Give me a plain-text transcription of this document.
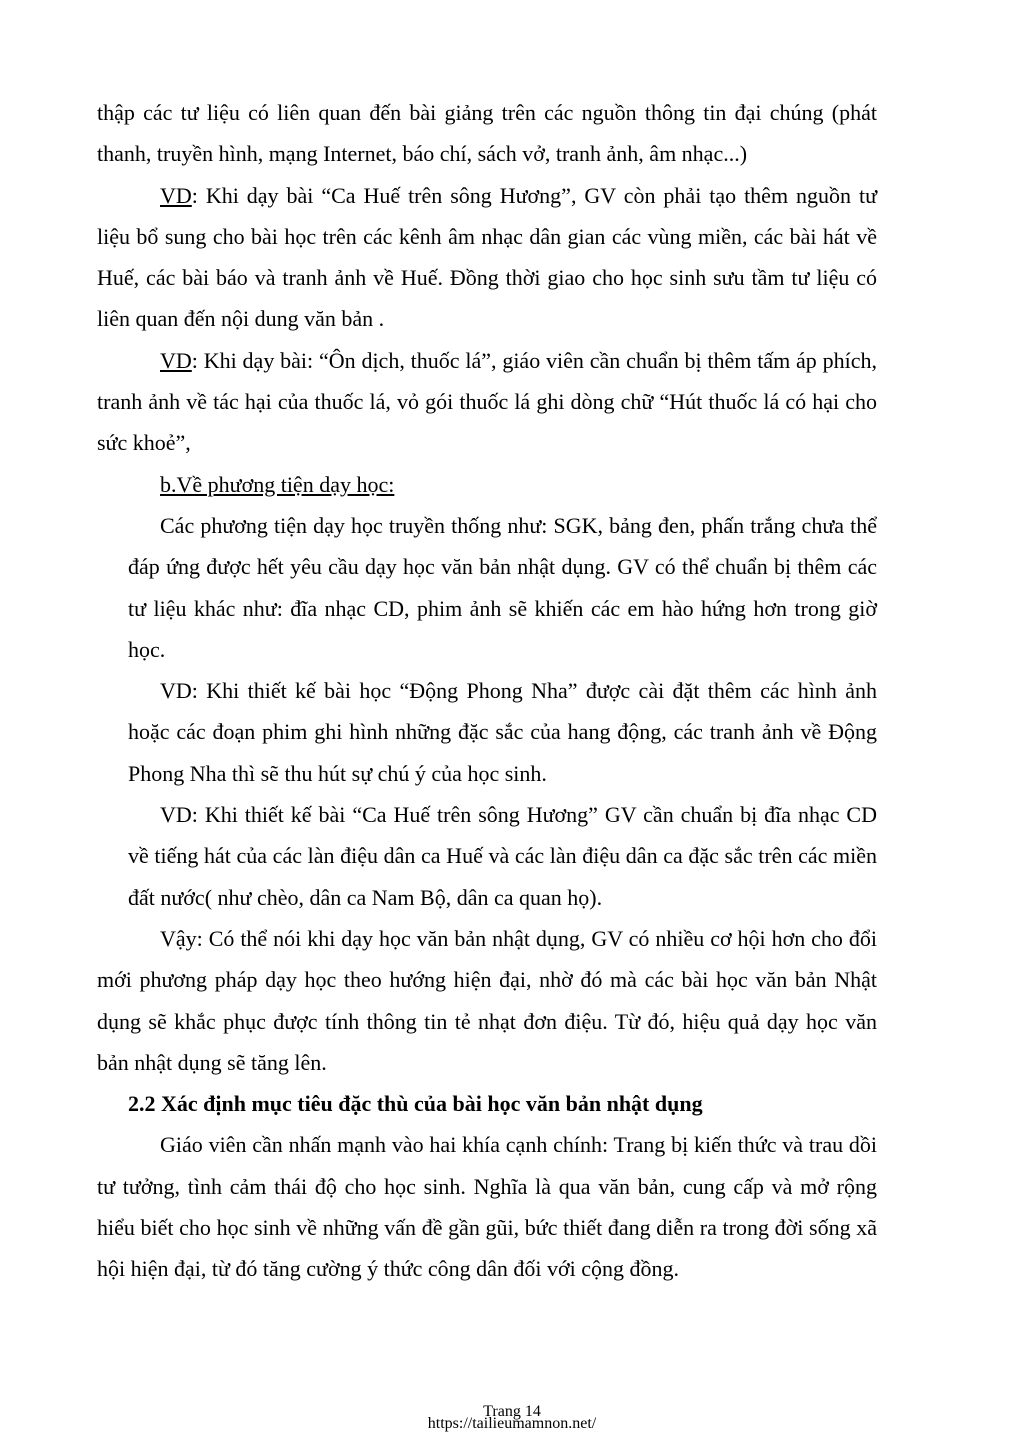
thập các tư liệu có liên quan đến bài giảng trên các nguồn thông tin đại chúng (phát thanh, truyền hình, mạng Internet, báo chí, sách vở, tranh ảnh, âm nhạc...)

VD: Khi dạy bài “Ca Huế trên sông Hương”, GV còn phải tạo thêm nguồn tư liệu bổ sung cho bài học trên các kênh âm nhạc dân gian các vùng miền, các bài hát về Huế, các bài báo và tranh ảnh về Huế. Đồng thời giao cho học sinh sưu tầm tư liệu có liên quan đến nội dung văn bản .

VD: Khi dạy bài: “Ôn dịch, thuốc lá”, giáo viên cần chuẩn bị thêm tấm áp phích, tranh ảnh về tác hại của thuốc lá, vỏ gói thuốc lá ghi dòng chữ “Hút thuốc lá có hại cho sức khoẻ”,

b.Về phương tiện dạy học:

Các phương tiện dạy học truyền thống như: SGK, bảng đen, phấn trắng chưa thể đáp ứng được hết yêu cầu dạy học văn bản nhật dụng. GV có thể chuẩn bị thêm các tư liệu khác như: đĩa nhạc CD, phim ảnh sẽ khiến các em hào hứng hơn trong giờ học.

VD: Khi thiết kế bài học “Động Phong Nha” được cài đặt thêm các hình ảnh hoặc các đoạn phim ghi hình những đặc sắc của hang động, các tranh ảnh về Động Phong Nha thì sẽ thu hút sự chú ý của học sinh.

VD: Khi thiết kế bài “Ca Huế trên sông Hương” GV cần chuẩn bị đĩa nhạc CD về tiếng hát của các làn điệu dân ca Huế và các làn điệu dân ca đặc sắc trên các miền đất nước( như chèo, dân ca Nam Bộ, dân ca quan họ).

Vậy: Có thể nói khi dạy học văn bản nhật dụng, GV có nhiều cơ hội hơn cho đổi mới phương pháp dạy học theo hướng hiện đại, nhờ đó mà các bài học văn bản Nhật dụng sẽ khắc phục được tính thông tin tẻ nhạt đơn điệu. Từ đó, hiệu quả dạy học văn bản nhật dụng sẽ tăng lên.

2.2 Xác định mục tiêu đặc thù của bài học văn bản nhật dụng

Giáo viên cần nhấn mạnh vào hai khía cạnh chính: Trang bị kiến thức và trau dồi tư tưởng, tình cảm thái độ cho học sinh. Nghĩa là qua văn bản, cung cấp và mở rộng hiểu biết cho học sinh về những vấn đề gần gũi, bức thiết đang diễn ra trong đời sống xã hội hiện đại, từ đó tăng cường ý thức công dân đối với cộng đồng.

Trang 14
https://tailieumamnon.net/
